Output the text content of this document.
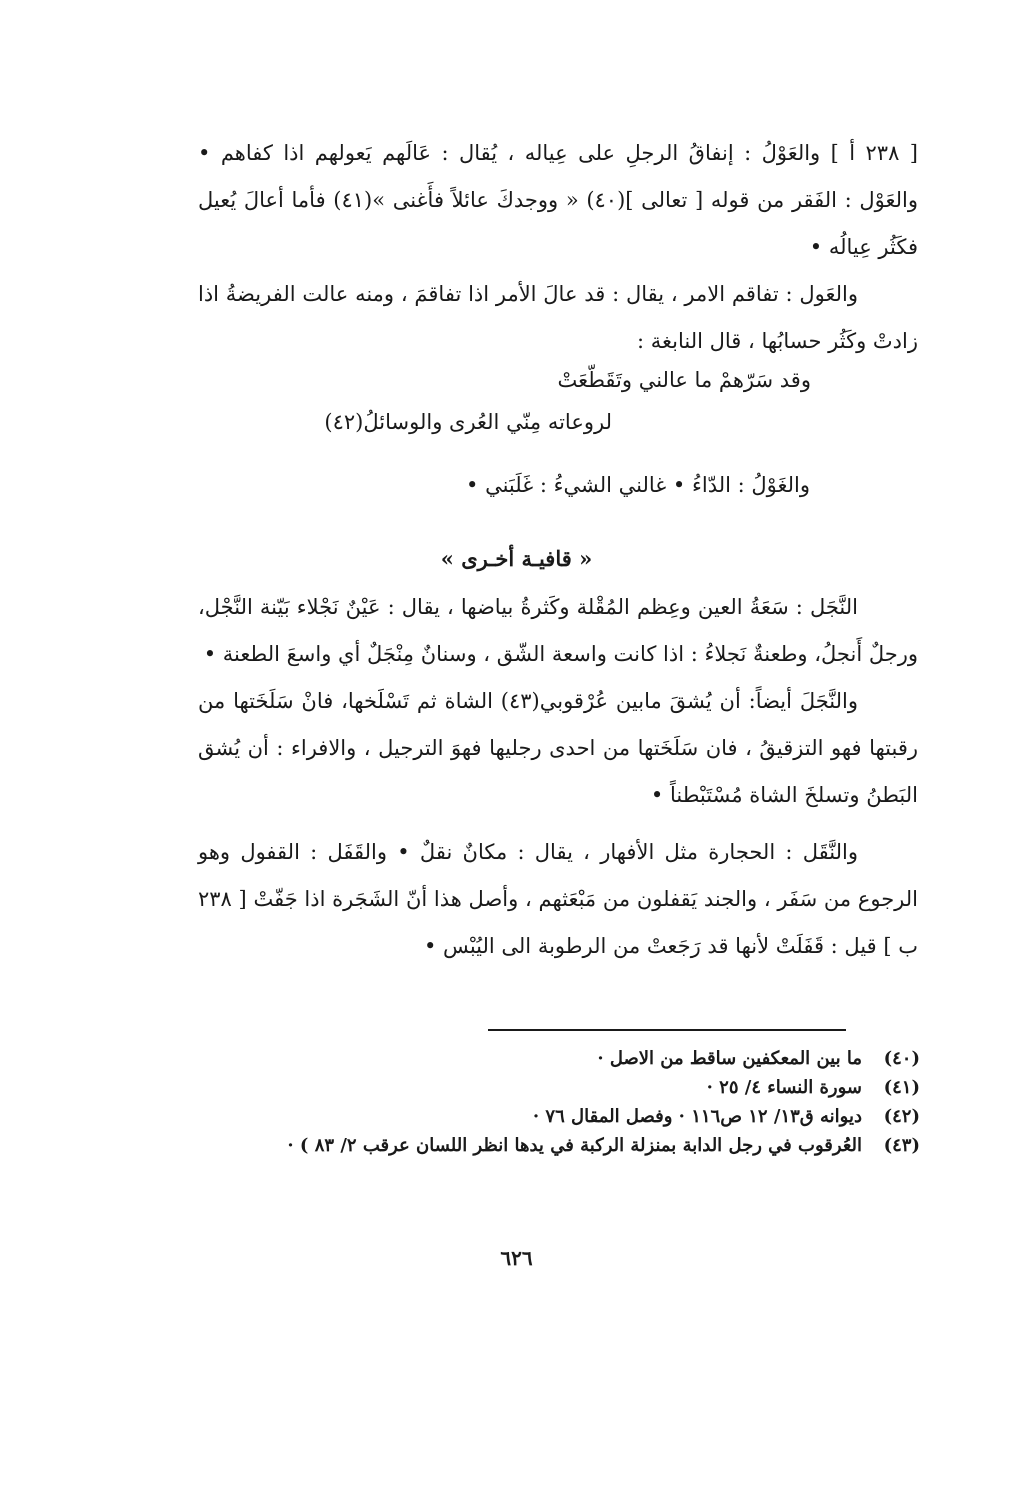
[ ٢٣٨ أ ] والعَوْلُ : إنفاقُ الرجلِ على عِياله ، يُقال : عَالَهم يَعولهم اذا كفاهم • والعَوْل : الفَقر من قوله [ تعالى ](٤٠) « ووجدكَ عائلاً فأَغنى »(٤١) فأما أعالَ يُعيل فكَثُر عِيالُه •

والعَول : تفاقم الامر ، يقال : قد عالَ الأمر اذا تفاقمَ ، ومنه عالت الفريضةُ اذا زادتْ وكَثُر حسابُها ، قال النابغة :

وقد سَرّهمْ ما عالني وتَقَطّعَتْ
لروعاته مِنّي العُرى والوسائلُ(٤٢)

والغَوْلُ : الدّاءُ • غالني الشيءُ : غَلَبَني •

« قافيـة أخـرى »

النَّجَل : سَعَةُ العين وعِظم المُقْلة وكَثرةُ بياضها ، يقال : عَيْنٌ نَجْلاء بَيّنة النَّجْل، ورجلٌ أَنجلُ، وطعنةٌ نَجلاءُ : اذا كانت واسعة الشّق ، وسنانٌ مِنْجَلٌ أي واسعَ الطعنة •

والنَّجَلَ أيضاً: أن يُشقَ مابين عُرْقوبي(٤٣) الشاة ثم تَسْلَخها، فانْ سَلَخَتها من رقبتها فهو التزقيقُ ، فان سَلَخَتها من احدى رجليها فهوَ الترجيل ، والافراء : أن يُشق البَطنُ وتسلخَ الشاة مُسْتَبْطناً •

والنَّقَل : الحجارة مثل الأفهار ، يقال : مكانٌ نقلٌ • والقَفَل : القفول وهو الرجوع من سَفَر ، والجند يَقفلون من مَبْعَثهم ، وأصل هذا أنّ الشَجَرة اذا جَفّتْ [ ٢٣٨ ب ] قيل : قَفَلَتْ لأنها قد رَجَعتْ من الرطوبة الى اليُبْس •

(٤٠)
ما بين المعكفين ساقط من الاصل ·
(٤١)
سورة النساء ٤/ ٢٥ ·
(٤٢)
ديوانه ق١٣/ ١٢ ص١١٦ · وفصل المقال ٧٦ ·
(٤٣)
العُرقوب في رجل الدابة بمنزلة الركبة في يدها انظر اللسان عرقب ٢/ ٨٣ ) ·
٦٢٦
